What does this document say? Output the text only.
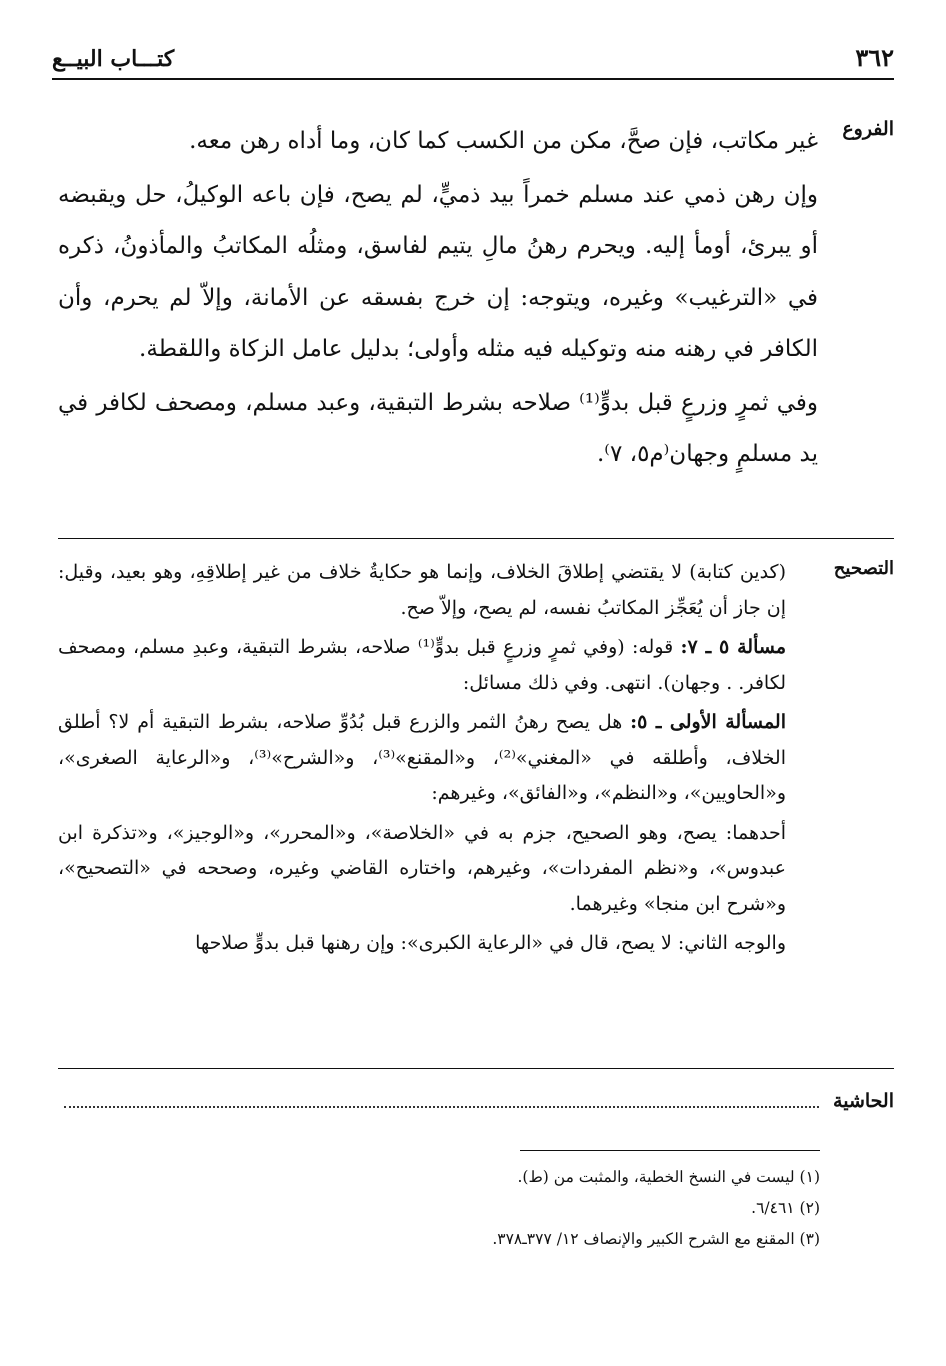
كتـــاب البيــع	٣٦٢
الفروع

غير مكاتب، فإن صحَّ، مكن من الكسب كما كان، وما أداه رهن معه.

وإن رهن ذمي عند مسلم خمراً بيد ذميٍّ، لم يصح، فإن باعه الوكيلُ، حل ويقبضه أو يبرئ، أومأ إليه. ويحرم رهنُ مالِ يتيم لفاسق، ومثلُه المكاتبُ والمأذونُ، ذكره في «الترغيب» وغيره، ويتوجه: إن خرج بفسقه عن الأمانة، وإلاّ لم يحرم، وأن الكافر في رهنه منه وتوكيله فيه مثله وأولى؛ بدليل عامل الزكاة واللقطة.

وفي ثمرٍ وزرعٍ قبل بدوٍّ⁽¹⁾ صلاحه بشرط التبقية، وعبد مسلم، ومصحف لكافر في يد مسلمٍ وجهان⁽م٥، ٧⁾.

التصحيح

(كدين كتابة) لا يقتضي إطلاقَ الخلاف، وإنما هو حكايةُ خلاف من غير إطلاقِهِ، وهو بعيد، وقيل: إن جاز أن يُعَجِّز المكاتبُ نفسه، لم يصح، وإلاّ صح.

مسألة ٥ ـ ٧: قوله: (وفي ثمرٍ وزرعٍ قبل بدوٍّ⁽¹⁾ صلاحه، بشرط التبقية، وعبدِ مسلم، ومصحف لكافر. . وجهان). انتهى. وفي ذلك مسائل:

المسألة الأولى ـ ٥: هل يصح رهنُ الثمر والزرع قبل بُدُوِّ صلاحه، بشرط التبقية أم لا؟ أطلق الخلاف، وأطلقه في «المغني»⁽²⁾، و«المقنع»⁽³⁾، و«الشرح»⁽³⁾، و«الرعاية الصغرى»، و«الحاويين»، و«النظم»، و«الفائق»، وغيرهم:

أحدهما: يصح، وهو الصحيح، جزم به في «الخلاصة»، و«المحرر»، و«الوجيز»، و«تذكرة ابن عبدوس»، و«نظم المفردات»، وغيرهم، واختاره القاضي وغيره، وصححه في «التصحيح»، و«شرح ابن منجا» وغيرهما.

والوجه الثاني: لا يصح، قال في «الرعاية الكبرى»: وإن رهنها قبل بدوٍّ صلاحها

الحاشية

(١) ليست في النسخ الخطية، والمثبت من (ط).

(٢) ٦/٤٦١.

(٣) المقنع مع الشرح الكبير والإنصاف ١٢/ ٣٧٧ـ٣٧٨.
